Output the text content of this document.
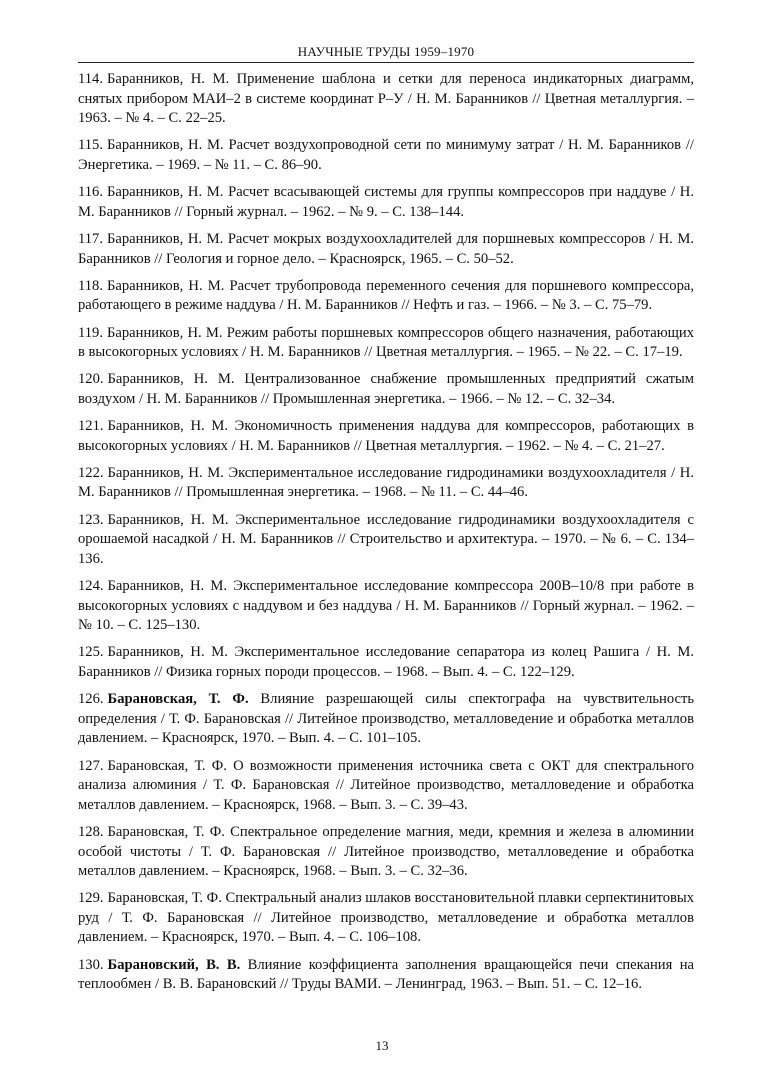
НАУЧНЫЕ ТРУДЫ 1959–1970

114. Баранников, Н. М. Применение шаблона и сетки для переноса индикаторных диаграмм, снятых прибором МАИ–2 в системе координат Р–У / Н. М. Баранников // Цветная металлургия. – 1963. – № 4. – С. 22–25.

115. Баранников, Н. М. Расчет воздухопроводной сети по минимуму затрат / Н. М. Баранников // Энергетика. – 1969. – № 11. – С. 86–90.

116. Баранников, Н. М. Расчет всасывающей системы для группы компрессоров при наддуве / Н. М. Баранников // Горный журнал. – 1962. – № 9. – С. 138–144.

117. Баранников, Н. М. Расчет мокрых воздухоохладителей для поршневых компрессоров / Н. М. Баранников // Геология и горное дело. – Красноярск, 1965. – С. 50–52.

118. Баранников, Н. М. Расчет трубопровода переменного сечения для поршневого компрессора, работающего в режиме наддува / Н. М. Баранников // Нефть и газ. – 1966. – № 3. – С. 75–79.

119. Баранников, Н. М. Режим работы поршневых компрессоров общего назначения, работающих в высокогорных условиях / Н. М. Баранников // Цветная металлургия. – 1965. – № 22. – С. 17–19.

120. Баранников, Н. М. Централизованное снабжение промышленных предприятий сжатым воздухом / Н. М. Баранников // Промышленная энергетика. – 1966. – № 12. – С. 32–34.

121. Баранников, Н. М. Экономичность применения наддува для компрессоров, работающих в высокогорных условиях / Н. М. Баранников // Цветная металлургия. – 1962. – № 4. – С. 21–27.

122. Баранников, Н. М. Экспериментальное исследование гидродинамики воздухоохладителя / Н. М. Баранников // Промышленная энергетика. – 1968. – № 11. – С. 44–46.

123. Баранников, Н. М. Экспериментальное исследование гидродинамики воздухоохладителя с орошаемой насадкой / Н. М. Баранников // Строительство и архитектура. – 1970. – № 6. – С. 134–136.

124. Баранников, Н. М. Экспериментальное исследование компрессора 200В–10/8 при работе в высокогорных условиях с наддувом и без наддува / Н. М. Баранников // Горный журнал. – 1962. – № 10. – С. 125–130.

125. Баранников, Н. М. Экспериментальное исследование сепаратора из колец Рашига / Н. М. Баранников // Физика горных породи процессов. – 1968. – Вып. 4. – С. 122–129.

126. Барановская, Т. Ф. Влияние разрешающей силы спектографа на чувствительность определения / Т. Ф. Барановская // Литейное производство, металловедение и обработка металлов давлением. – Красноярск, 1970. – Вып. 4. – С. 101–105.

127. Барановская, Т. Ф. О возможности применения источника света с ОКТ для спектрального анализа алюминия / Т. Ф. Барановская // Литейное производство, металловедение и обработка металлов давлением. – Красноярск, 1968. – Вып. 3. – С. 39–43.

128. Барановская, Т. Ф. Спектральное определение магния, меди, кремния и железа в алюминии особой чистоты / Т. Ф. Барановская // Литейное производство, металловедение и обработка металлов давлением. – Красноярск, 1968. – Вып. 3. – С. 32–36.

129. Барановская, Т. Ф. Спектральный анализ шлаков восстановительной плавки серпектинитовых руд / Т. Ф. Барановская // Литейное производство, металловедение и обработка металлов давлением. – Красноярск, 1970. – Вып. 4. – С. 106–108.

130. Барановский, В. В. Влияние коэффициента заполнения вращающейся печи спекания на теплообмен / В. В. Барановский // Труды ВАМИ. – Ленинград, 1963. – Вып. 51. – С. 12–16.

13
